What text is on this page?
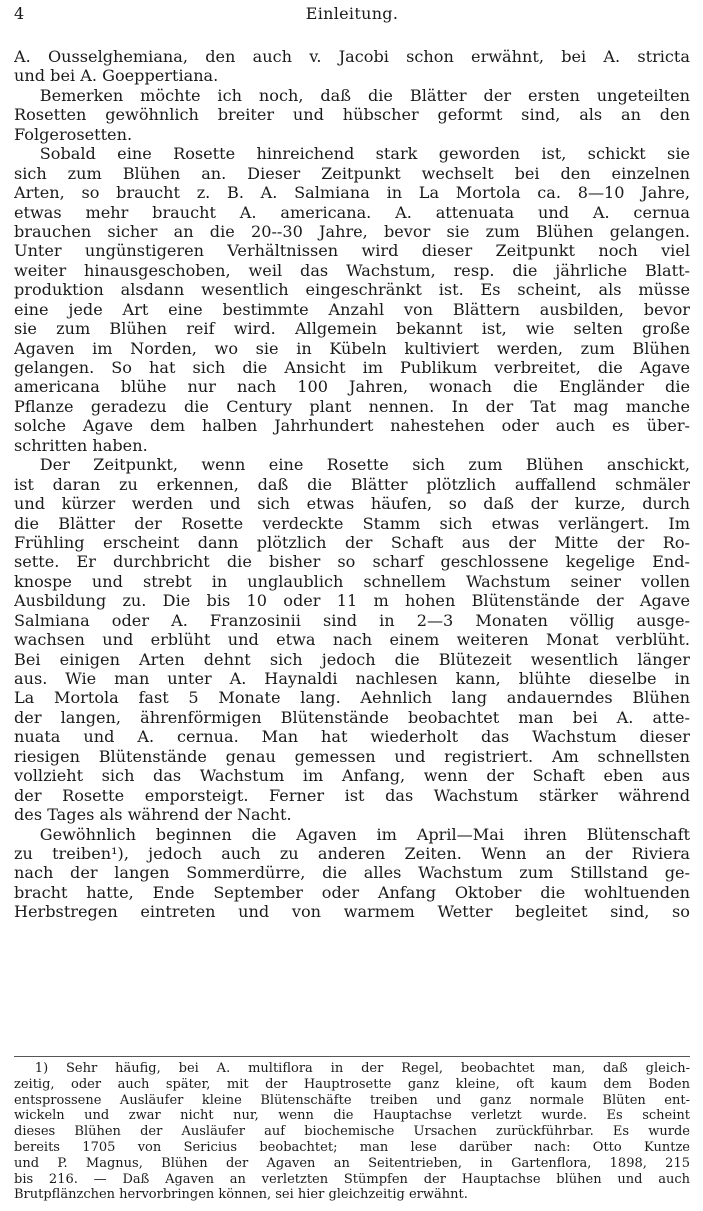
4	Einleitung.
A. Ousselghemiana, den auch v. Jacobi schon erwähnt, bei A. stricta
und bei A. Goeppertiana.
Bemerken möchte ich noch, daß die Blätter der ersten ungeteilten
Rosetten gewöhnlich breiter und hübscher geformt sind, als an den
Folgerosetten.
Sobald eine Rosette hinreichend stark geworden ist, schickt sie
sich zum Blühen an. Dieser Zeitpunkt wechselt bei den einzelnen
Arten, so braucht z. B. A. Salmiana in La Mortola ca. 8—10 Jahre,
etwas mehr braucht A. americana. A. attenuata und A. cernua
brauchen sicher an die 20--30 Jahre, bevor sie zum Blühen gelangen.
Unter ungünstigeren Verhältnissen wird dieser Zeitpunkt noch viel
weiter hinausgeschoben, weil das Wachstum, resp. die jährliche Blatt-
produktion alsdann wesentlich eingeschränkt ist. Es scheint, als müsse
eine jede Art eine bestimmte Anzahl von Blättern ausbilden, bevor
sie zum Blühen reif wird. Allgemein bekannt ist, wie selten große
Agaven im Norden, wo sie in Kübeln kultiviert werden, zum Blühen
gelangen. So hat sich die Ansicht im Publikum verbreitet, die Agave
americana blühe nur nach 100 Jahren, wonach die Engländer die
Pflanze geradezu die Century plant nennen. In der Tat mag manche
solche Agave dem halben Jahrhundert nahestehen oder auch es über-
schritten haben.
Der Zeitpunkt, wenn eine Rosette sich zum Blühen anschickt,
ist daran zu erkennen, daß die Blätter plötzlich auffallend schmäler
und kürzer werden und sich etwas häufen, so daß der kurze, durch
die Blätter der Rosette verdeckte Stamm sich etwas verlängert. Im
Frühling erscheint dann plötzlich der Schaft aus der Mitte der Ro-
sette. Er durchbricht die bisher so scharf geschlossene kegelige End-
knospe und strebt in unglaublich schnellem Wachstum seiner vollen
Ausbildung zu. Die bis 10 oder 11 m hohen Blütenstände der Agave
Salmiana oder A. Franzosinii sind in 2—3 Monaten völlig ausge-
wachsen und erblüht und etwa nach einem weiteren Monat verblüht.
Bei einigen Arten dehnt sich jedoch die Blütezeit wesentlich länger
aus. Wie man unter A. Haynaldi nachlesen kann, blühte dieselbe in
La Mortola fast 5 Monate lang. Aehnlich lang andauerndes Blühen
der langen, ährenförmigen Blütenstände beobachtet man bei A. atte-
nuata und A. cernua. Man hat wiederholt das Wachstum dieser
riesigen Blütenstände genau gemessen und registriert. Am schnellsten
vollzieht sich das Wachstum im Anfang, wenn der Schaft eben aus
der Rosette emporsteigt. Ferner ist das Wachstum stärker während
des Tages als während der Nacht.
Gewöhnlich beginnen die Agaven im April—Mai ihren Blütenschaft
zu treiben¹), jedoch auch zu anderen Zeiten. Wenn an der Riviera
nach der langen Sommerdürre, die alles Wachstum zum Stillstand ge-
bracht hatte, Ende September oder Anfang Oktober die wohltuenden
Herbstregen eintreten und von warmem Wetter begleitet sind, so
1) Sehr häufig, bei A. multiflora in der Regel, beobachtet man, daß gleich-
zeitig, oder auch später, mit der Hauptrosette ganz kleine, oft kaum dem Boden
entsprossene Ausläufer kleine Blütenschäfte treiben und ganz normale Blüten ent-
wickeln und zwar nicht nur, wenn die Hauptachse verletzt wurde. Es scheint
dieses Blühen der Ausläufer auf biochemische Ursachen zurückführbar. Es wurde
bereits 1705 von Sericius beobachtet; man lese darüber nach: Otto Kuntze
und P. Magnus, Blühen der Agaven an Seitentrieben, in Gartenflora, 1898, 215
bis 216. — Daß Agaven an verletzten Stümpfen der Hauptachse blühen und auch
Brutpflänzchen hervorbringen können, sei hier gleichzeitig erwähnt.
